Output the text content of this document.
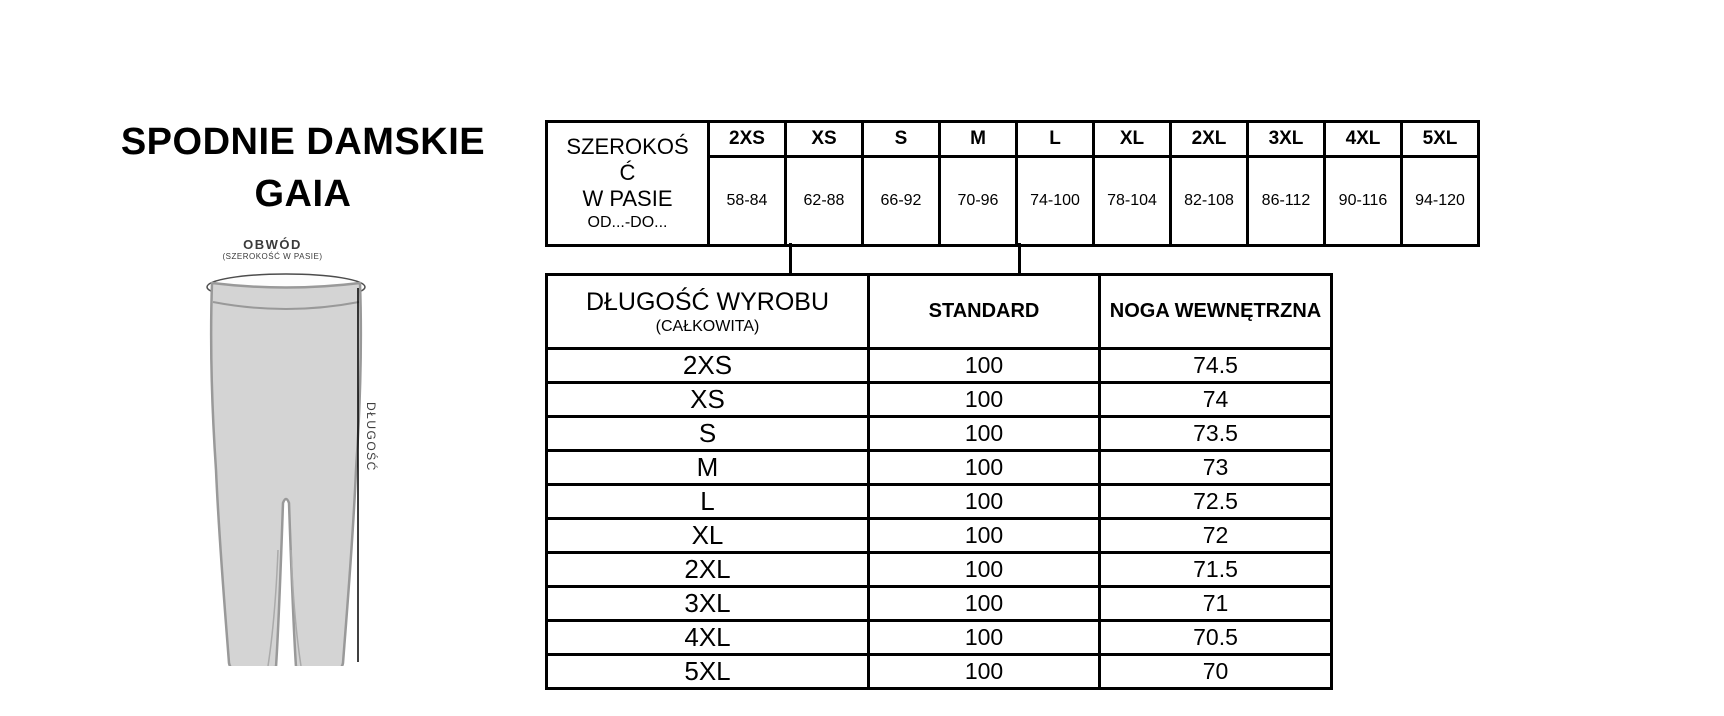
SPODNIE DAMSKIE
GAIA
OBWÓD
(SZEROKOŚĆ W PASIE)
DŁUGOŚĆ
SZEROKOŚ
Ć
W PASIE
OD...-DO...	2XS	XS	S	M	L	XL	2XL	3XL	4XL	5XL
	58-84	62-88	66-92	70-96	74-100	78-104	82-108	86-112	90-116	94-120
DŁUGOŚĆ WYROBU
(CAŁKOWITA)	STANDARD	NOGA WEWNĘTRZNA
2XS	100	74.5
XS	100	74
S	100	73.5
M	100	73
L	100	72.5
XL	100	72
2XL	100	71.5
3XL	100	71
4XL	100	70.5
5XL	100	70
